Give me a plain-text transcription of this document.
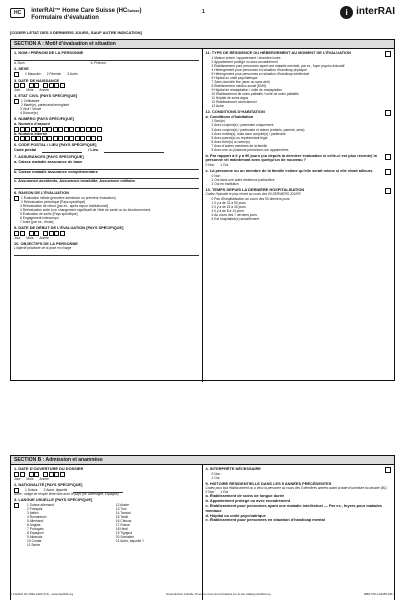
HC	interRAI™ Home Care Suisse (HCSuisse)
Formulaire d’évaluation
1	i interRAI
[CODER LETAT DES 3 DERNIERS JOURS, SAUF AUTRE INDICATION]
SECTION A : Motif d’évaluation et situation
1. NOM / PRÉNOM DE LA PERSONNE
a. Nom	b. Prénom
2. SEXE
1 Masculin 2 Féminin 3 Autre
3. DATE DE NAISSANCE
Jour Mois Année
4. ETAT CIVIL [PAYS SPÉCIFIQUE]
1 Célibataire
2 Marié(e), partenariat enregistré
3 Veuf / Veuve
4 Divorcé(e)
5. NUMÉRO [PAYS SPÉCIFIQUE]
a. Numéro d’assuré
b. Numéro interne
6. CODE POSTAL / LIEU [PAYS SPÉCIFIQUE]
Code postal	/ Lieu
7. ASSURANCES [PAYS SPÉCIFIQUE]
a. Caisse maladie assurance de base
b. Caisse maladie assurance complémentaire
c. Assurance-accidents, Assurance-invalidité, Assurance militaire
8. RAISON DE L’ÉVALUATION
1 Évaluation initiale (première admission ou première évaluation)
2 Réévaluation périodique [Pays spécifique]
3 Réévaluation de retour [par ex., après séjour institutionnel]
4 Réévaluation suite à un changement significatif de l’état de santé ou du fonctionnement
5 Évaluation de sortie [Pays spécifique]
6 Engagement intercompu
7 Autre [par ex., étude]
9. DATE DE DÉBUT DE L’ÉVALUATION [PAYS SPÉCIFIQUE]
Jour Mois Année
10. OBJECTIFS DE LA PERSONNE
L’objectif prioritaire de la prise en charge
11. TYPE DE RÉSIDENCE OU HÉBERGEMENT AU MOMENT DE L’ÉVALUATION
1 Maison privée / appartement / chambre louée
2 Appartement protégé ou avec encadrement
3 Établissement pour personnes ayant une maladie mentale, par ex., foyer psycho-éducatif
4 Hébergement pour personnes en situation d’handicap physique
5 Hébergement pour personnes en situation d’handicap intellectuel
6 Hôpital ou unité psychiatrique
7 Sans domicile fixe (avec ou sans abri)
8 Établissement médico-social (EMS)
9 Hôpital de réadaptation / unité de réadaptation
10 Établissement de soins palliatifs / unité de soins palliatifs
11 Hôpital de soins aigus
12 Établissement correctionnel
13 Autre
12. CONDITIONS D’HABITATION
a. Conditions d’habitation
1 Seul(e)
2 Avec conjoint(e) / partenaire uniquement
3 Avec conjoint(e) / partenaire et autres (enfants, parents, amis)
4 Avec enfant(s), mais sans conjoint(e) / partenaire
5 Avec parent(s) ou représentant légal
6 Avec frère(s) ou sœur(s)
7 Avec d’autres membres de la famille
8 Avec une ou plusieurs personnes non apparentées
b. Par rapport à il y a 90 jours (ou depuis la dernière évaluation si celle-ci est plus récente) la personne vit maintenant avec quelqu’un de nouveau ?
0 Non 1 Oui
c. La personne ou un membre de la famille estime qu’elle serait mieux si elle vivait ailleurs
0 Non
1 Oui dans une autre résidence particulière
2 Oui en institution
13. TEMPS DEPUIS LA DERNIÈRE HOSPITALISATION
Codez l’épisode le plus récent au cours des 90 DERNIERS JOURS
0 Pas d’hospitalisation au cours des 90 derniers jours
1 Il y a de 31 à 90 jours
2 Il y a de 15 à 30 jours
3 Il y a de 8 à 14 jours
4 Au cours des 7 derniers jours
5 Est hospitalisé(e) actuellement
SECTION B : Admission et anamnèse
1. DATE D’OUVERTURE DU DOSSIER
Jour Mois Année
2. NATIONALITÉ [PAYS SPÉCIFIQUE]
1 Suisse 2 Autre, laquelle
Autre : obligé de remplir texte libre avec le pays (ex. Allemagne, Espagne)
3. LANGUE USUELLE [PAYS SPÉCIFIQUE]
1 Suisse allemand
2 Français
3 Italien
4 Rumantsch
5 Allemand
6 Anglais
7 Portugais
8 Espagnol
9 Albanais
10 Croate
11 Serbe
12 Arabe
13 Turc
14 Tamoul
15 Tamil
16 Chinois
17 Russe
18 Hindi
19 Tigrigna
20 Somalien
21 Autre, laquelle ?
4. INTERPRÈTE NÉCESSAIRE
0 Non
1 Oui
5. HISTOIRE RÉSIDENTIELLE DANS LES 5 ANNÉES PRÉCÉDENTES
Codez pour tout établissement où a vécu la personne au cours des 5 dernières années avant la date d’ouverture du dossier (B1)
0 Non 1 Oui
a. Établissement de soins de longue durée
b. Appartement protégé ou avec encadrement
c. Établissement pour personnes ayant une maladie intellectuel — Par ex., foyers pour malades mentaux
d. Hôpital ou unité psychiatrique
e. Établissement pour personnes en situation d’handicap mental
© interRAI HC 1994–2022 (9.4) · www.interRAI.org	Reproduction interdite. Procurez-vous les formulaires sur le site catalog.interRAI.org	ISBN 978-1-62255-181-3
